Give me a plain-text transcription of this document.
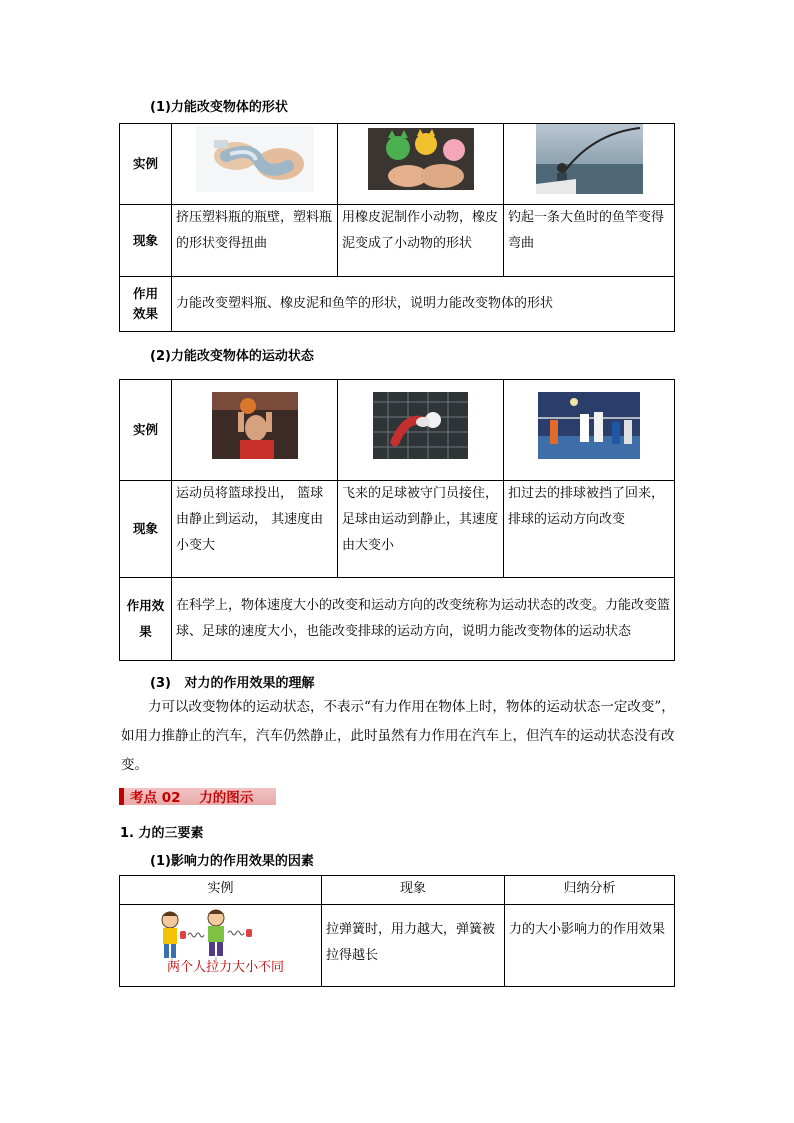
(1)力能改变物体的形状
实例			
现象	挤压塑料瓶的瓶壁，塑料瓶的形状变得扭曲	用橡皮泥制作小动物，橡皮泥变成了小动物的形状	钓起一条大鱼时的鱼竿变得弯曲

作用效果	力能改变塑料瓶、橡皮泥和鱼竿的形状，说明力能改变物体的形状		
(2)力能改变物体的运动状态
实例			
现象	运动员将篮球投出， 篮球由静止到运动， 其速度由小变大	飞来的足球被守门员接住，足球由运动到静止，其速度由大变小	扣过去的排球被挡了回来，排球的运动方向改变

作用效果	在科学上，物体速度大小的改变和运动方向的改变统称为运动状态的改变。力能改变篮球、足球的速度大小，也能改变排球的运动方向，说明力能改变物体的运动状态		
(3)   对力的作用效果的理解
力可以改变物体的运动状态，不表示“有力作用在物体上时，物体的运动状态一定改变”，如用力推静止的汽车，汽车仍然静止，此时虽然有力作用在汽车上，但汽车的运动状态没有改变。
考点 02    力的图示
1. 力的三要素
(1)影响力的作用效果的因素
实例	现象	归纳分析

两个人拉力大小不同	拉弹簧时，用力越大，弹簧被拉得越长	力的大小影响力的作用效果
